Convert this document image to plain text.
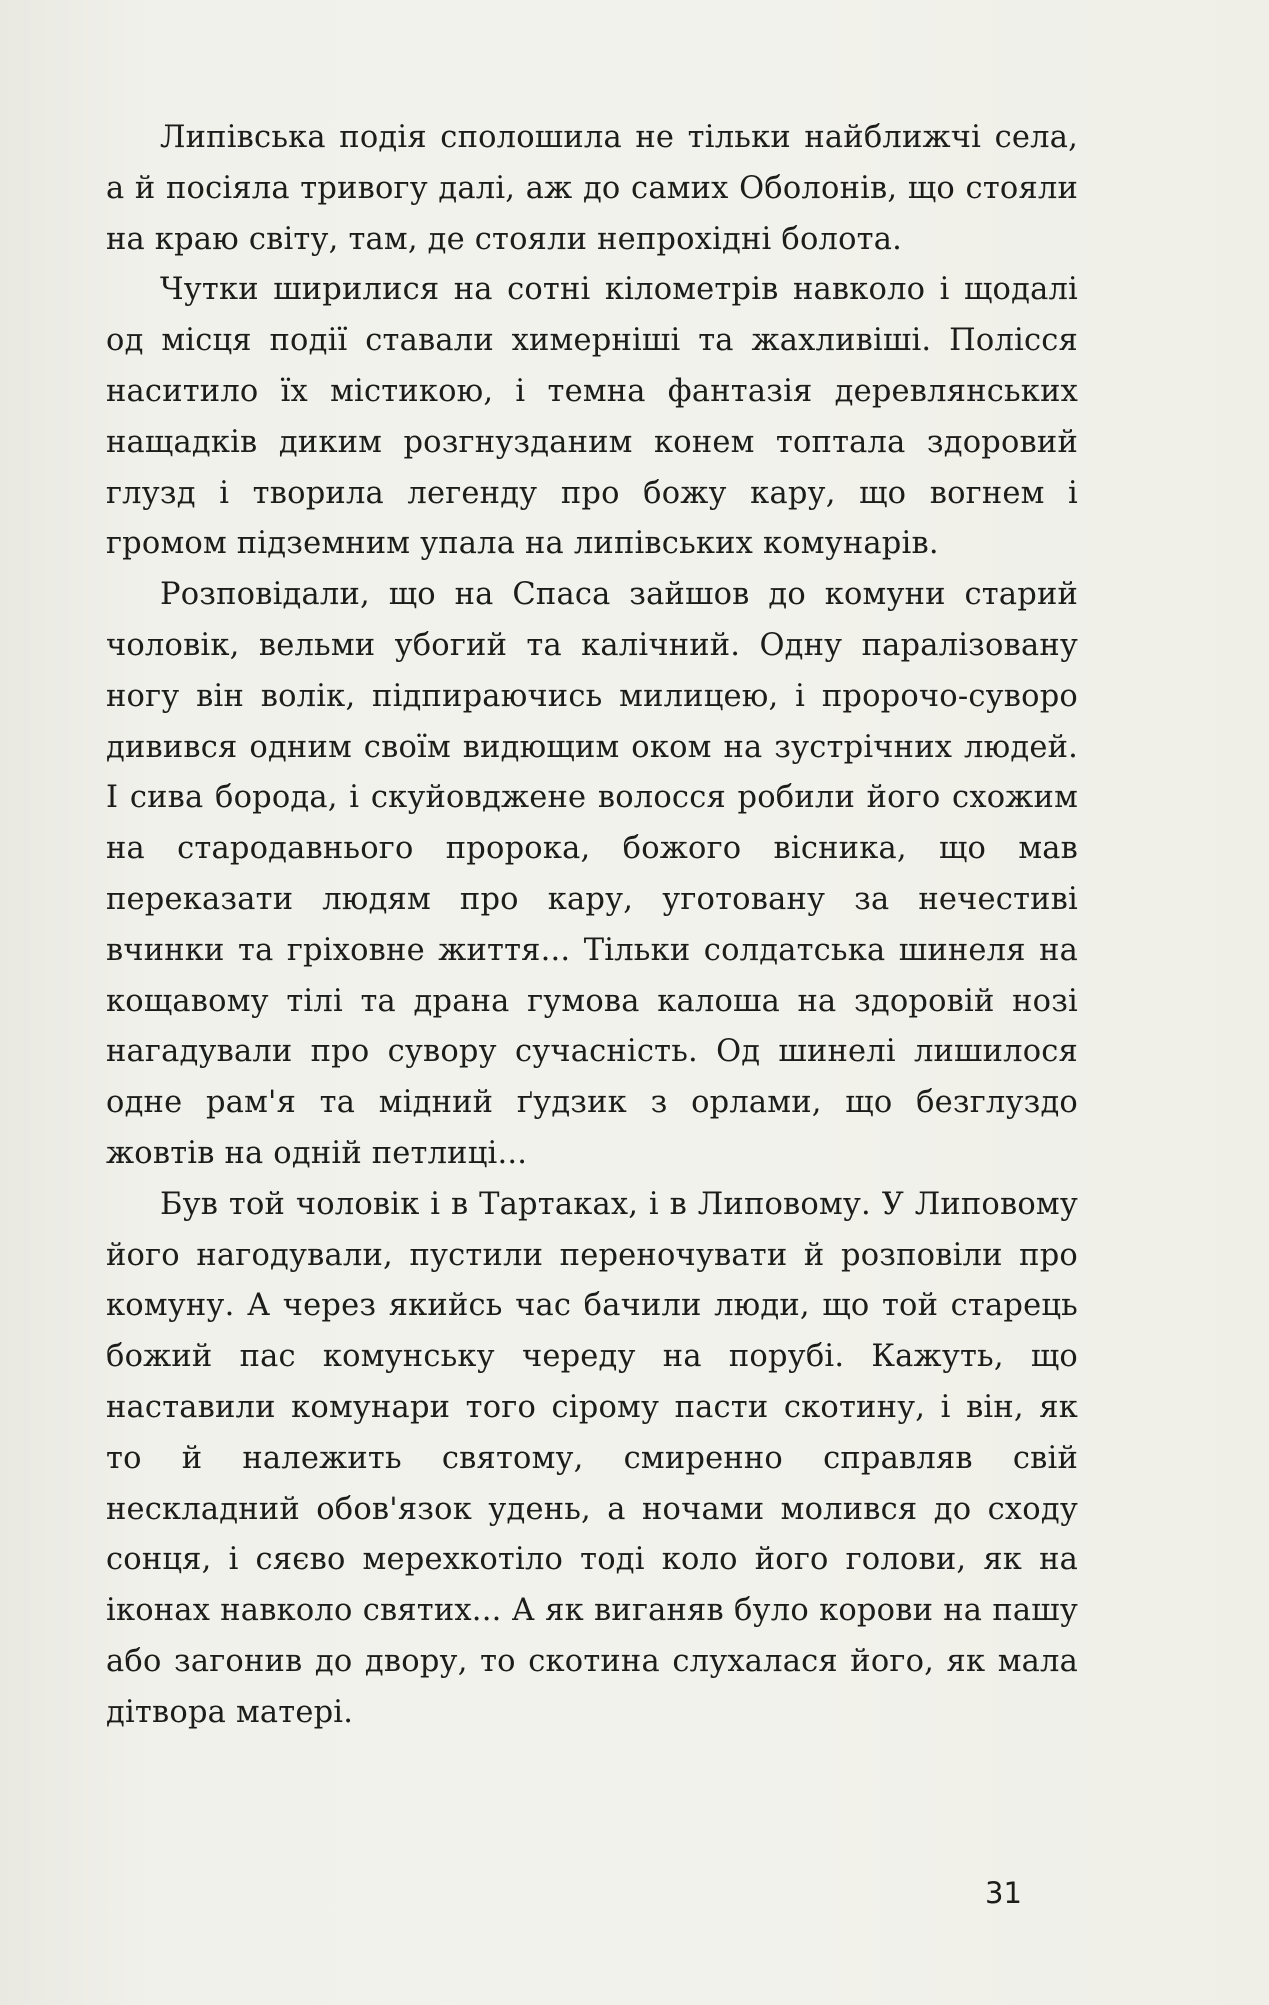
Липівська подія сполошила не тільки найближчі села, а й посіяла тривогу далі, аж до самих Оболонів, що стояли на краю світу, там, де стояли непрохідні болота.

Чутки ширилися на сотні кілометрів навколо і щодалі од місця події ставали химерніші та жахливіші. Полісся наситило їх містикою, і темна фантазія деревлянських нащадків диким розгнузданим конем топтала здоровий глузд і творила легенду про божу кару, що вогнем і громом підземним упала на липівських комунарів.

Розповідали, що на Спаса зайшов до комуни старий чоловік, вельми убогий та калічний. Одну паралізовану ногу він волік, підпираючись милицею, і пророчо-суворо дивився одним своїм видющим оком на зустрічних людей. І сива борода, і скуйовджене волосся робили його схожим на стародавнього пророка, божого вісника, що мав переказати людям про кару, уготовану за нечестиві вчинки та гріховне життя... Тільки солдатська шинеля на кощавому тілі та драна гумова калоша на здоровій нозі нагадували про сувору сучасність. Од шинелі лишилося одне рам'я та мідний ґудзик з орлами, що безглуздо жовтів на одній петлиці...

Був той чоловік і в Тартаках, і в Липовому. У Липовому його нагодували, пустили переночувати й розповіли про комуну. А через якийсь час бачили люди, що той старець божий пас комунську череду на порубі. Кажуть, що наставили комунари того сірому пасти скотину, і він, як то й належить святому, смиренно справляв свій нескладний обов'язок удень, а ночами молився до сходу сонця, і сяєво мерехкотіло тоді коло його голови, як на іконах навколо святих... А як виганяв було корови на пашу або загонив до двору, то скотина слухалася його, як мала дітвора матері.

31
